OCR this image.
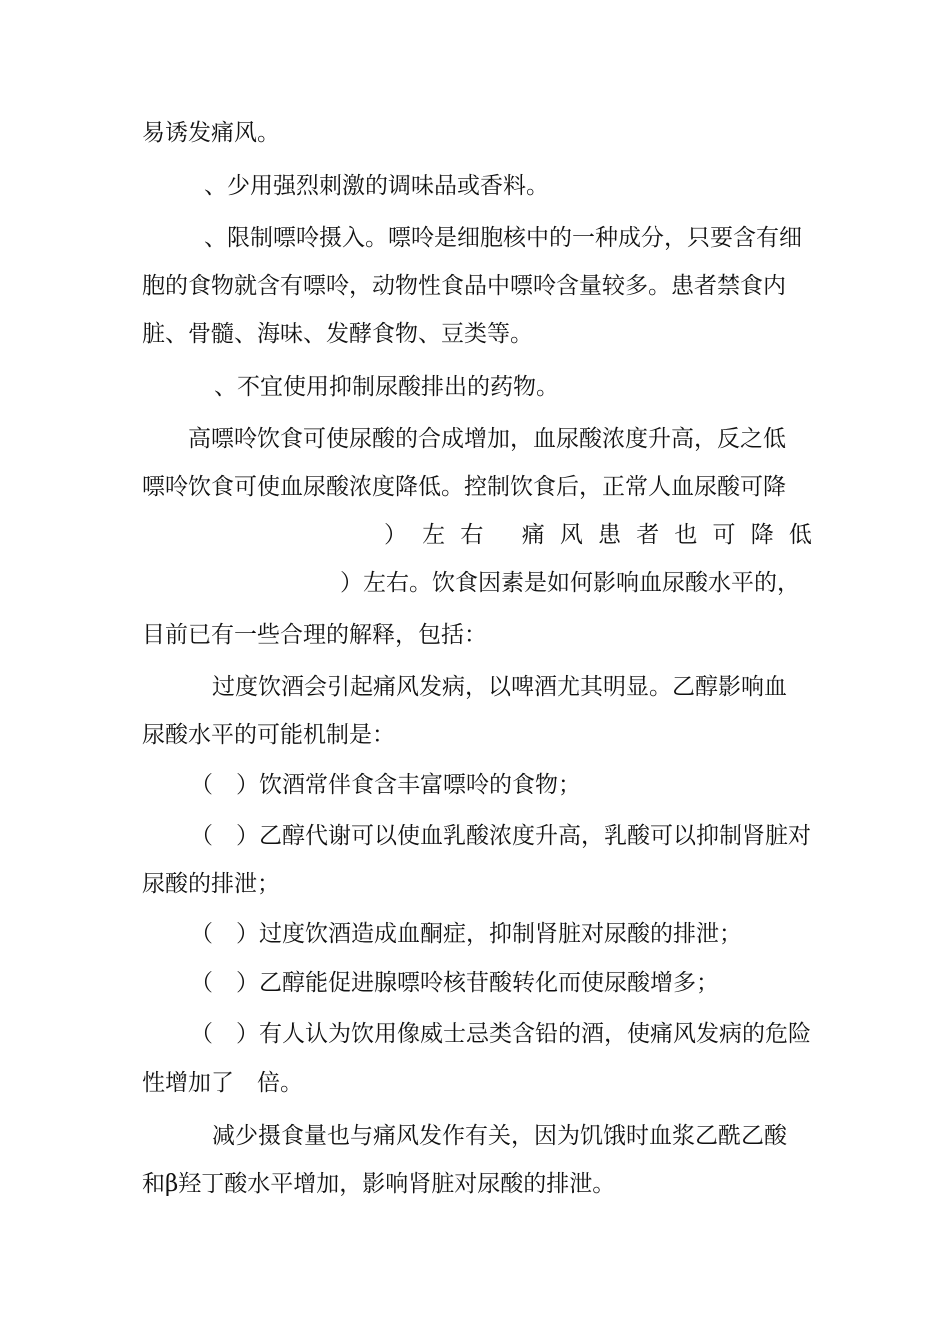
易诱发痛风。
、少用强烈刺激的调味品或香料。
、限制嘌呤摄入。嘌呤是细胞核中的一种成分，只要含有细
胞的食物就含有嘌呤，动物性食品中嘌呤含量较多。患者禁食内
脏、骨髓、海味、发酵食物、豆类等。
、不宜使用抑制尿酸排出的药物。
高嘌呤饮食可使尿酸的合成增加，血尿酸浓度升高，反之低
嘌呤饮食可使血尿酸浓度降低。控制饮食后，正常人血尿酸可降
） 左 右 痛 风 患 者 也 可 降 低
）左右。饮食因素是如何影响血尿酸水平的，
目前已有一些合理的解释，包括：
过度饮酒会引起痛风发病，以啤酒尤其明显。乙醇影响血
尿酸水平的可能机制是：
（　）饮酒常伴食含丰富嘌呤的食物；
（　）乙醇代谢可以使血乳酸浓度升高，乳酸可以抑制肾脏对
尿酸的排泄；
（　）过度饮酒造成血酮症，抑制肾脏对尿酸的排泄；
（　）乙醇能促进腺嘌呤核苷酸转化而使尿酸增多；
（　）有人认为饮用像威士忌类含铅的酒，使痛风发病的危险
性增加了　倍。
减少摄食量也与痛风发作有关，因为饥饿时血浆乙酰乙酸
和β羟丁酸水平增加，影响肾脏对尿酸的排泄。
